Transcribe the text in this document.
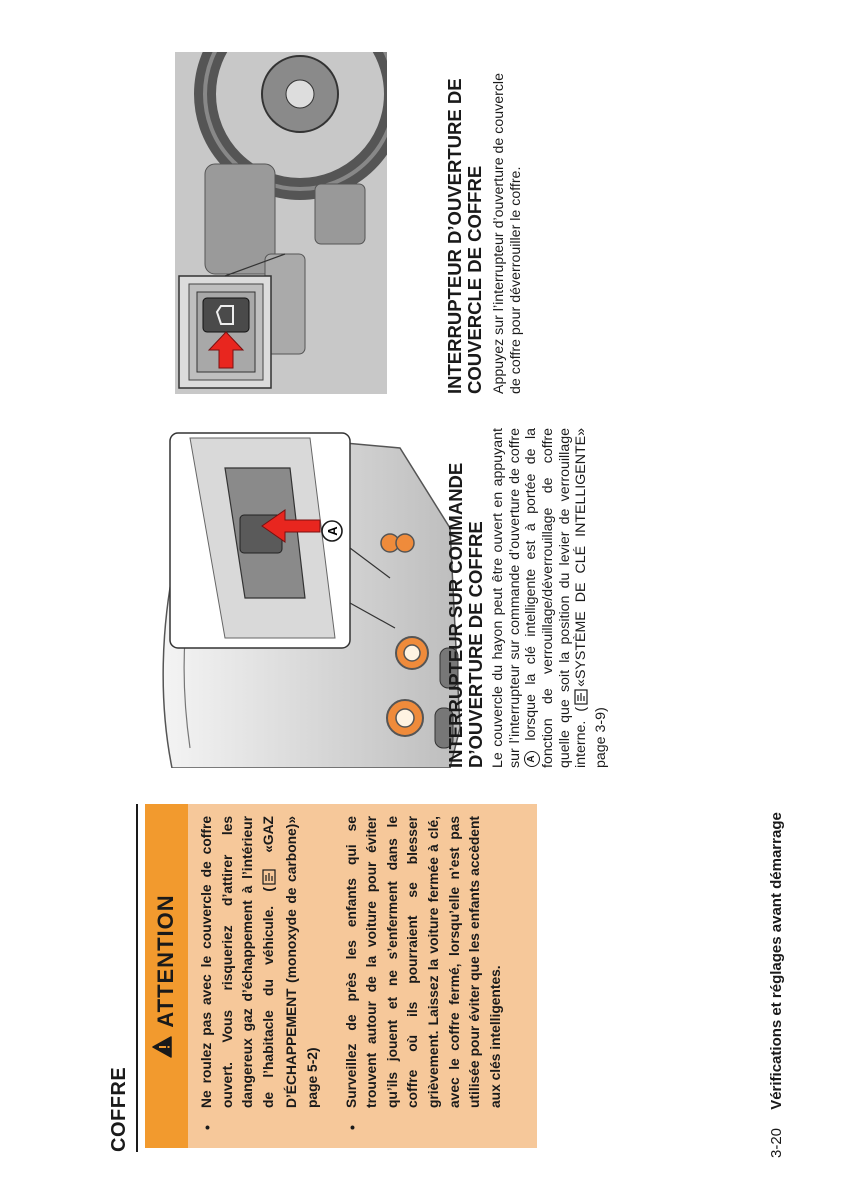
3-20 Vérifications et réglages avant démarrage
COFFRE
ATTENTION
•
Ne roulez pas avec le couvercle de coffre ouvert. Vous risqueriez d’attirer les dangereux gaz d’échappement à l’intérieur de l’habitacle du véhicule. ( «GAZ D’ÉCHAPPEMENT (monoxyde de carbone)» page 5-2)
•
Surveillez de près les enfants qui se trouvent autour de la voiture pour éviter qu’ils jouent et ne s’enferment dans le coffre où ils pourraient se blesser grièvement. Laissez la voiture fermée à clé, avec le coffre fermé, lorsqu’elle n’est pas utilisée pour éviter que les enfants accèdent aux clés intelligentes.
A	INTERRUPTEUR SUR COMMANDE D’OUVERTURE DE COFFRE Le couvercle du hayon peut être ouvert en appuyant sur l’interrupteur sur commande d’ouverture de coffre A lorsque la clé intelligente est à portée de la fonction de verrouillage/déverrouillage de coffre quelle que soit la position du levier de verrouillage interne. («SYSTÈME DE CLÉ INTELLIGENTE» page 3-9)
INTERRUPTEUR D’OUVERTURE DE COUVERCLE DE COFFRE Appuyez sur l’interrupteur d’ouverture de couvercle de coffre pour déverrouiller le coffre.
